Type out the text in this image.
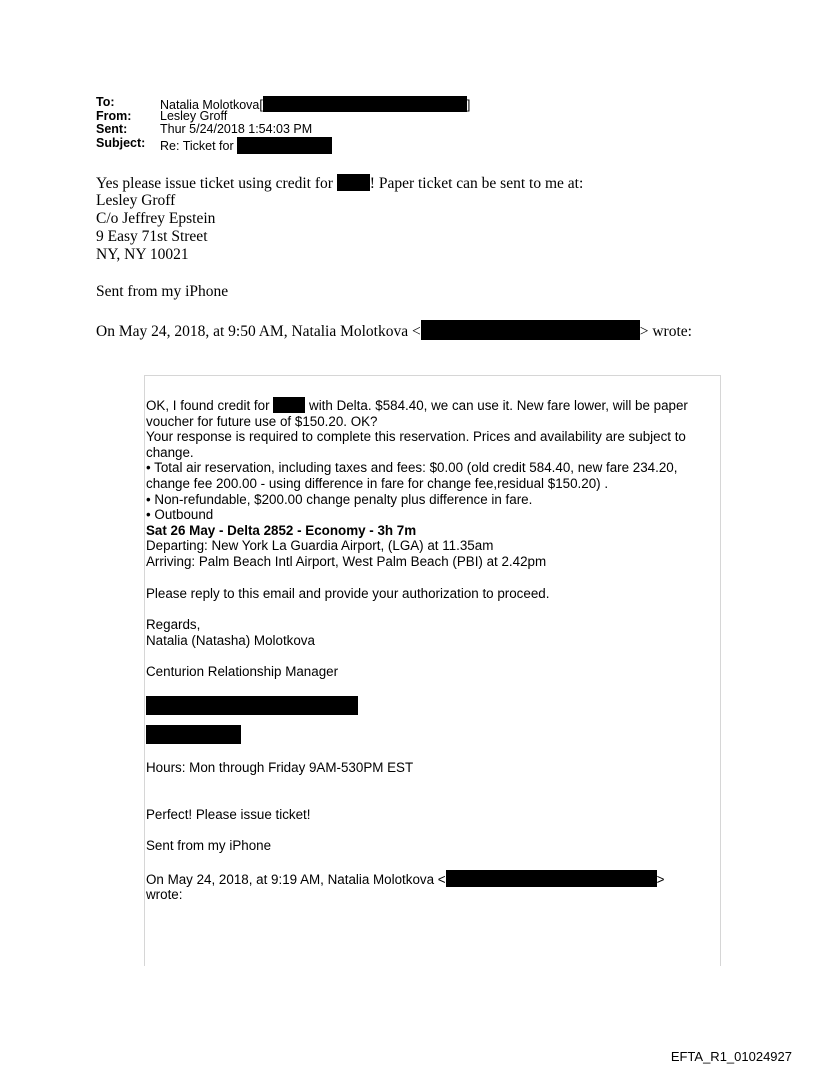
To:	Natalia Molotkova[	]
From:	Lesley Groff
Sent:	Thur 5/24/2018 1:54:03 PM
Subject:	Re: Ticket for
Yes please issue ticket using credit for ! Paper ticket can be sent to me at:
Lesley Groff
C/o Jeffrey Epstein
9 Easy 71st Street
NY, NY 10021
Sent from my iPhone
On May 24, 2018, at 9:50 AM, Natalia Molotkova <	> wrote:
OK, I found credit for	with Delta. $584.40, we can use it. New fare lower, will be paper
voucher for future use of $150.20. OK?
Your response is required to complete this reservation. Prices and availability are subject to
change.
• Total air reservation, including taxes and fees: $0.00 (old credit 584.40, new fare 234.20,
change fee 200.00 - using difference in fare for change fee,residual $150.20) .
• Non-refundable, $200.00 change penalty plus difference in fare.
• Outbound
Sat 26 May - Delta 2852 - Economy - 3h 7m
Departing: New York La Guardia Airport, (LGA) at 11.35am
Arriving: Palm Beach Intl Airport, West Palm Beach (PBI) at 2.42pm
Please reply to this email and provide your authorization to proceed.
Regards,
Natalia (Natasha) Molotkova
Centurion Relationship Manager
Hours: Mon through Friday 9AM-530PM EST
Perfect! Please issue ticket!
Sent from my iPhone
On May 24, 2018, at 9:19 AM, Natalia Molotkova <	>
wrote:
EFTA_R1_01024927
